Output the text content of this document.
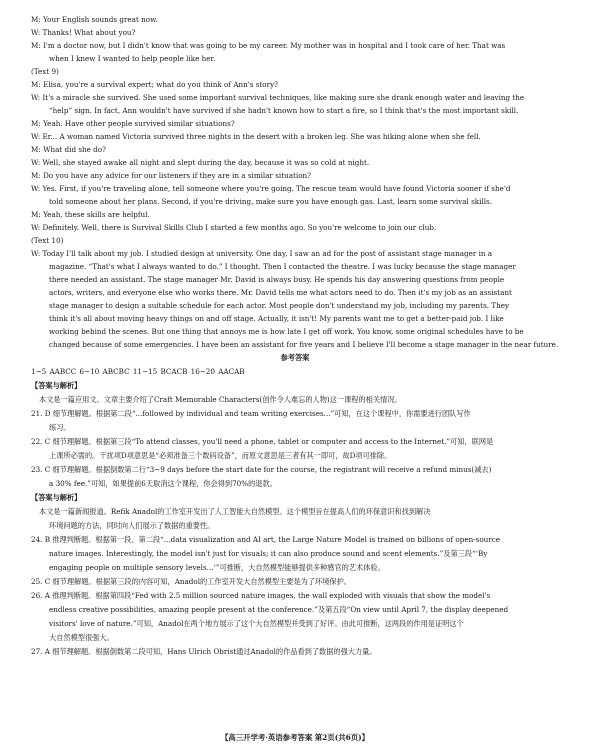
M: Your English sounds great now.
W: Thanks! What about you?
M: I'm a doctor now, but I didn't know that was going to be my career. My mother was in hospital and I took care of her. That was
when I knew I wanted to help people like her.
(Text 9)
M: Elisa, you're a survival expert; what do you think of Ann's story?
W: It's a miracle she survived. She used some important survival techniques, like making sure she drank enough water and leaving the
“help” sign. In fact, Ann wouldn't have survived if she hadn't known how to start a fire, so I think that's the most important skill.
M: Yeah. Have other people survived similar situations?
W: Er... A woman named Victoria survived three nights in the desert with a broken leg. She was hiking alone when she fell.
M: What did she do?
W: Well, she stayed awake all night and slept during the day, because it was so cold at night.
M: Do you have any advice for our listeners if they are in a similar situation?
W: Yes. First, if you're traveling alone, tell someone where you're going. The rescue team would have found Victoria sooner if she'd
told someone about her plans. Second, if you're driving, make sure you have enough gas. Last, learn some survival skills.
M: Yeah, these skills are helpful.
W: Definitely. Well, there is Survival Skills Club I started a few months ago. So you're welcome to join our club.
(Text 10)
W: Today I'll talk about my job. I studied design at university. One day, I saw an ad for the post of assistant stage manager in a
magazine. “That's what I always wanted to do.” I thought. Then I contacted the theatre. I was lucky because the stage manager
there needed an assistant. The stage manager Mr. David is always busy. He spends his day answering questions from people
actors, writers, and everyone else who works there. Mr. David tells me what actors need to do. Then it's my job as an assistant
stage manager to design a suitable schedule for each actor. Most people don't understand my job, including my parents. They
think it's all about moving heavy things on and off stage. Actually, it isn't! My parents want me to get a better-paid job. I like
working behind the scenes. But one thing that annoys me is how late I get off work. You know, some original schedules have to be
changed because of some emergencies. I have been an assistant for five years and I believe I'll become a stage manager in the near future.
参考答案
1~5 AABCC 6~10 ABCBC 11~15 BCACB 16~20 AACAB
【答案与解析】
本文是一篇应用文。文章主要介绍了Craft Memorable Characters(创作令人难忘的人物)这一课程的相关情况。
21. D 细节理解题。根据第二段“...followed by individual and team writing exercises...”可知，在这个课程中，你需要进行团队写作
练习。
22. C 细节理解题。根据第三段“To attend classes, you'll need a phone, tablet or computer and access to the Internet.”可知，联网是
上课所必需的。干扰项D项意思是“必须准备三个数码设备”，而原文意思是三者有其一即可，故D项可排除。
23. C 细节理解题。根据倒数第二行“3~9 days before the start date for the course, the registrant will receive a refund minus(减去)
a 30% fee.”可知，如果提前6天取消这个课程，你会得到70%的退款。
【答案与解析】
本文是一篇新闻报道。Refik Anadol的工作室开发出了人工智能大自然模型。这个模型旨在提高人们的环保意识和找到解决
环境问题的方法，同时向人们展示了数据的重要性。
24. B 推理判断题。根据第一段、第二段“...data visualization and AI art, the Large Nature Model is trained on billions of open-source
nature images. Interestingly, the model isn't just for visuals; it can also produce sound and scent elements.”及第三段“‘By
engaging people on multiple sensory levels...’”可推断，大自然模型能够提供多种感官的艺术体验。
25. C 细节理解题。根据第三段的内容可知，Anadol的工作室开发大自然模型主要是为了环境保护。
26. A 推理判断题。根据第四段“Fed with 2.5 million sourced nature images, the wall exploded with visuals that show the model's
endless creative possibilities, amazing people present at the conference.”及第五段“On view until April 7, the display deepened
visitors' love of nature.”可知，Anadol在两个地方展示了这个大自然模型并受到了好评。由此可推断，这两段的作用是证明这个
大自然模型很强大。
27. A 细节理解题。根据倒数第二段可知，Hans Ulrich Obrist通过Anadol的作品看到了数据的强大力量。
【高三开学考·英语参考答案 第2页(共6页)】
